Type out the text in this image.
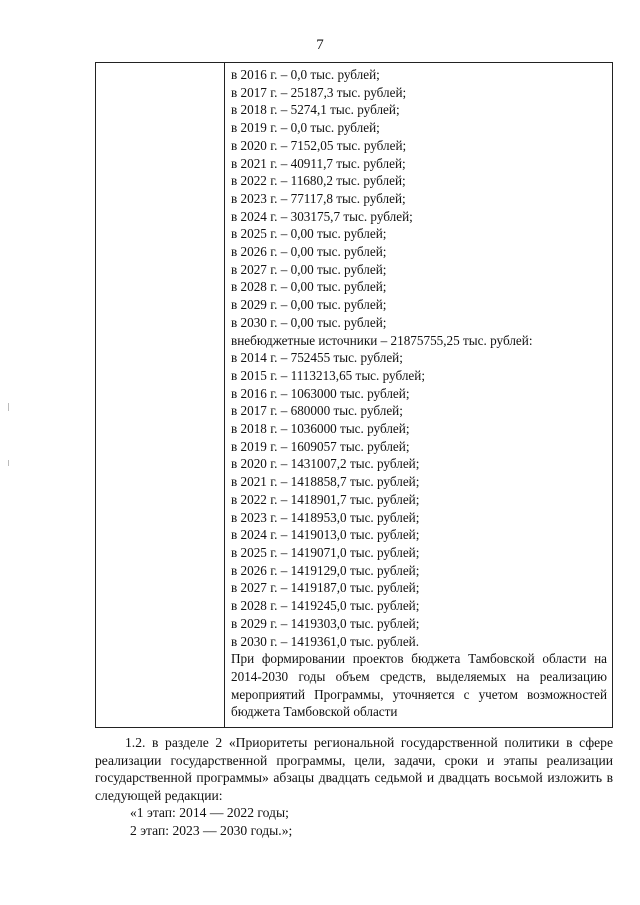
7
в 2016 г. – 0,0 тыс. рублей;
в 2017 г. – 25187,3 тыс. рублей;
в 2018 г. – 5274,1 тыс. рублей;
в 2019 г. – 0,0 тыс. рублей;
в 2020 г. – 7152,05 тыс. рублей;
в 2021 г. – 40911,7 тыс. рублей;
в 2022 г. – 11680,2 тыс. рублей;
в 2023 г. – 77117,8 тыс. рублей;
в 2024 г. – 303175,7 тыс. рублей;
в 2025 г. – 0,00 тыс. рублей;
в 2026 г. – 0,00 тыс. рублей;
в 2027 г. – 0,00 тыс. рублей;
в 2028 г. – 0,00 тыс. рублей;
в 2029 г. – 0,00 тыс. рублей;
в 2030 г. – 0,00 тыс. рублей;
внебюджетные источники – 21875755,25 тыс. рублей:
в 2014 г. – 752455 тыс. рублей;
в 2015 г. – 1113213,65 тыс. рублей;
в 2016 г. – 1063000 тыс. рублей;
в 2017 г. – 680000 тыс. рублей;
в 2018 г. – 1036000 тыс. рублей;
в 2019 г. – 1609057 тыс. рублей;
в 2020 г. – 1431007,2 тыс. рублей;
в 2021 г. – 1418858,7 тыс. рублей;
в 2022 г. – 1418901,7 тыс. рублей;
в 2023 г. – 1418953,0 тыс. рублей;
в 2024 г. – 1419013,0 тыс. рублей;
в 2025 г. – 1419071,0 тыс. рублей;
в 2026 г. – 1419129,0 тыс. рублей;
в 2027 г. – 1419187,0 тыс. рублей;
в 2028 г. – 1419245,0 тыс. рублей;
в 2029 г. – 1419303,0 тыс. рублей;
в 2030 г. – 1419361,0 тыс. рублей.
При формировании проектов бюджета Тамбовской области на 2014-2030 годы объем средств, выделяемых на реализацию мероприятий Программы, уточняется с учетом возможностей бюджета Тамбовской области

1.2. в разделе 2 «Приоритеты региональной государственной политики в сфере реализации государственной программы, цели, задачи, сроки и этапы реализации государственной программы» абзацы двадцать седьмой и двадцать восьмой изложить в следующей редакции:

«1 этап: 2014 — 2022 годы;

2 этап: 2023 — 2030 годы.»;
